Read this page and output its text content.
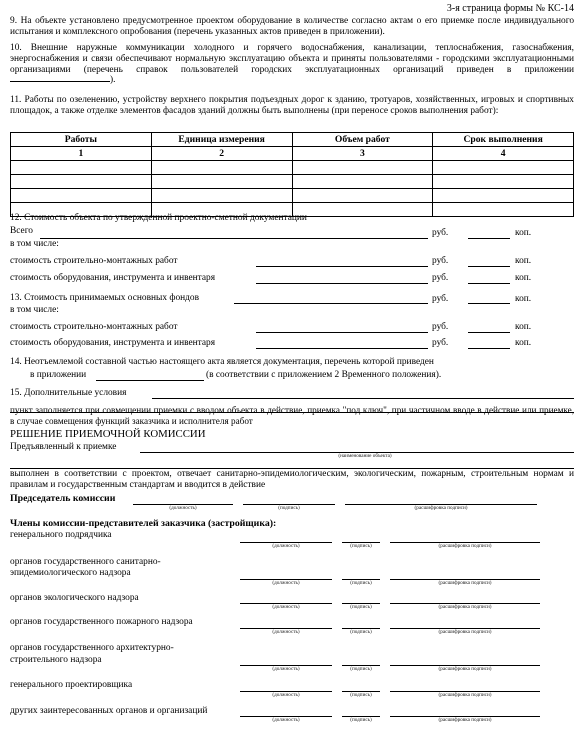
3-я страница формы № КС-14
9. На объекте установлено предусмотренное проектом оборудование в количестве согласно актам о его приемке после индивидуального испытания и комплексного опробования (перечень указанных актов приведен в приложении).
10. Внешние наружные коммуникации холодного и горячего водоснабжения, канализации, теплоснабжения, газоснабжения, энергоснабжения и связи обеспечивают нормальную эксплуатацию объекта и приняты пользователями - городскими эксплуатационными организациями (перечень справок пользователей городских эксплуатационных организаций приведен в приложении ).
11. Работы по озеленению, устройству верхнего покрытия подъездных дорог к зданию, тротуаров, хозяйственных, игровых и спортивных площадок, а также отделке элементов фасадов зданий должны быть выполнены (при переносе сроков выполнения работ):
Работы	Единица измерения	Объем работ	Срок выполнения
1	2	3	4

12. Стоимость объекта по утвержденной проектно-сметной документации
Всего	руб.	коп.
в том числе:
стоимость строительно-монтажных работ	руб.	коп.
стоимость оборудования, инструмента и инвентаря	руб.	коп.
13. Стоимость принимаемых основных фондов	руб.	коп.
в том числе:
стоимость строительно-монтажных работ	руб.	коп.
стоимость оборудования, инструмента и инвентаря	руб.	коп.
14. Неотъемлемой составной частью настоящего акта является документация, перечень которой приведен
в приложении	(в соответствии с приложением 2 Временного положения).
15. Дополнительные условия
пункт заполняется при совмещении приемки с вводом объекта в действие, приемка "под ключ", при частичном вводе в действие или приемке, в случае совмещения функций заказчика и исполнителя работ
РЕШЕНИЕ ПРИЕМОЧНОЙ КОМИССИИ
Предъявленный к приемке
(наименование объекта)
выполнен в соответствии с проектом, отвечает санитарно-эпидемиологическим, экологическим, пожарным, строительным нормам и правилам и государственным стандартам и вводится в действие
Председатель комиссии
(должность)	(подпись)	(расшифровка подписи)
Члены комиссии-представителей заказчика (застройщика):
генерального подрядчика
(должность)	(подпись)	(расшифровка подписи)
органов государственного санитарно-
эпидемиологического надзора
(должность)	(подпись)	(расшифровка подписи)
органов экологического надзора
(должность)	(подпись)	(расшифровка подписи)
органов государственного пожарного надзора
(должность)	(подпись)	(расшифровка подписи)
органов государственного архитектурно-
строительного надзора
(должность)	(подпись)	(расшифровка подписи)
генерального проектировщика
(должность)	(подпись)	(расшифровка подписи)
других заинтересованных органов и организаций
(должность)	(подпись)	(расшифровка подписи)
